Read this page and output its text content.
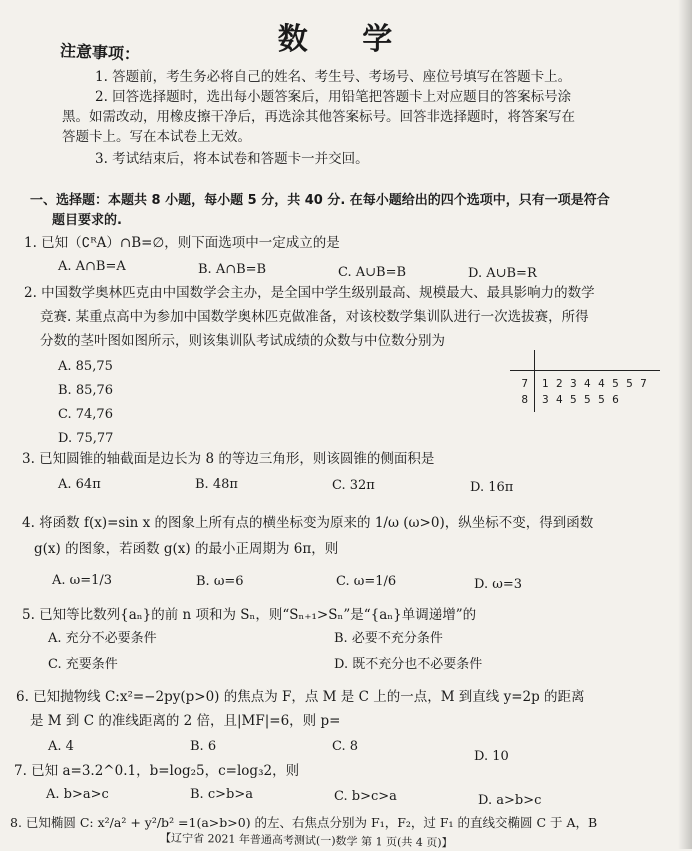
数 学
注意事项：
1. 答题前，考生务必将自己的姓名、考生号、考场号、座位号填写在答题卡上。
2. 回答选择题时，选出每小题答案后，用铅笔把答题卡上对应题目的答案标号涂
黑。如需改动，用橡皮擦干净后，再选涂其他答案标号。回答非选择题时，将答案写在
答题卡上。写在本试卷上无效。
3. 考试结束后，将本试卷和答题卡一并交回。
一、选择题：本题共 8 小题，每小题 5 分，共 40 分. 在每小题给出的四个选项中，只有一项是符合
题目要求的.
1. 已知（∁ᴿA）∩B=∅，则下面选项中一定成立的是
A. A∩B=A	B. A∩B=B	C. A∪B=B	D. A∪B=R
2. 中国数学奥林匹克由中国数学会主办，是全国中学生级别最高、规模最大、最具影响力的数学
竞赛. 某重点高中为参加中国数学奥林匹克做准备，对该校数学集训队进行一次选拔赛，所得
分数的茎叶图如图所示，则该集训队考试成绩的众数与中位数分别为
A. 85,75
B. 85,76
C. 74,76
D. 75,77
7 1 2 3 4 4 5 5 7
8 3 4 5 5 5 6
3. 已知圆锥的轴截面是边长为 8 的等边三角形，则该圆锥的侧面积是
A. 64π	B. 48π	C. 32π	D. 16π
4. 将函数 f(x)=sin x 的图象上所有点的横坐标变为原来的 1/ω (ω>0)，纵坐标不变，得到函数
g(x) 的图象，若函数 g(x) 的最小正周期为 6π，则
A. ω=1/3	B. ω=6	C. ω=1/6	D. ω=3
5. 已知等比数列{aₙ}的前 n 项和为 Sₙ，则“Sₙ₊₁>Sₙ”是“{aₙ}单调递增”的
A. 充分不必要条件	B. 必要不充分条件
C. 充要条件	D. 既不充分也不必要条件
6. 已知抛物线 C:x²=−2py(p>0) 的焦点为 F，点 M 是 C 上的一点，M 到直线 y=2p 的距离
是 M 到 C 的准线距离的 2 倍，且|MF|=6，则 p=
A. 4	B. 6	C. 8
D. 10
7. 已知 a=3.2^0.1，b=log₂5，c=log₃2，则
A. b>a>c	B. c>b>a	C. b>c>a	D. a>b>c
8. 已知椭圆 C: x²/a² + y²/b² =1(a>b>0) 的左、右焦点分别为 F₁，F₂，过 F₁ 的直线交椭圆 C 于 A，B
【辽宁省 2021 年普通高考测试(一)数学 第 1 页(共 4 页)】
